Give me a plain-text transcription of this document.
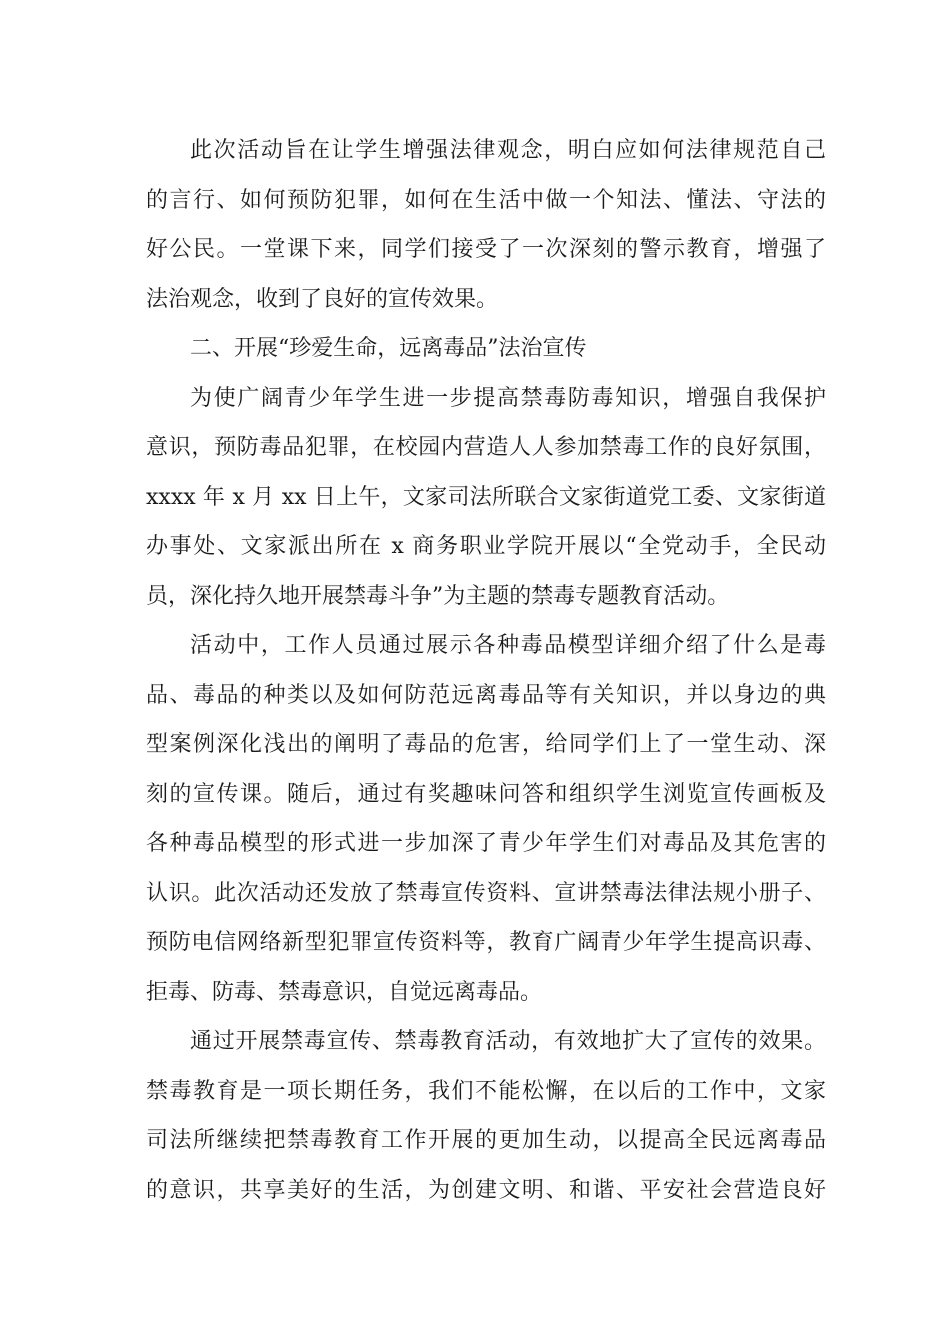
此次活动旨在让学生增强法律观念，明白应如何法律规范自己
的言行、如何预防犯罪，如何在生活中做一个知法、懂法、守法的
好公民。一堂课下来，同学们接受了一次深刻的警示教育，增强了
法治观念，收到了良好的宣传效果。
二、开展“珍爱生命，远离毒品”法治宣传
为使广阔青少年学生进一步提高禁毒防毒知识，增强自我保护
意识，预防毒品犯罪，在校园内营造人人参加禁毒工作的良好氛围，
xxxx 年 x 月 xx 日上午，文家司法所联合文家街道党工委、文家街道
办事处、文家派出所在 x 商务职业学院开展以“全党动手，全民动
员，深化持久地开展禁毒斗争”为主题的禁毒专题教育活动。
活动中，工作人员通过展示各种毒品模型详细介绍了什么是毒
品、毒品的种类以及如何防范远离毒品等有关知识，并以身边的典
型案例深化浅出的阐明了毒品的危害，给同学们上了一堂生动、深
刻的宣传课。随后，通过有奖趣味问答和组织学生浏览宣传画板及
各种毒品模型的形式进一步加深了青少年学生们对毒品及其危害的
认识。此次活动还发放了禁毒宣传资料、宣讲禁毒法律法规小册子、
预防电信网络新型犯罪宣传资料等，教育广阔青少年学生提高识毒、
拒毒、防毒、禁毒意识，自觉远离毒品。
通过开展禁毒宣传、禁毒教育活动，有效地扩大了宣传的效果。
禁毒教育是一项长期任务，我们不能松懈，在以后的工作中，文家
司法所继续把禁毒教育工作开展的更加生动，以提高全民远离毒品
的意识，共享美好的生活，为创建文明、和谐、平安社会营造良好
